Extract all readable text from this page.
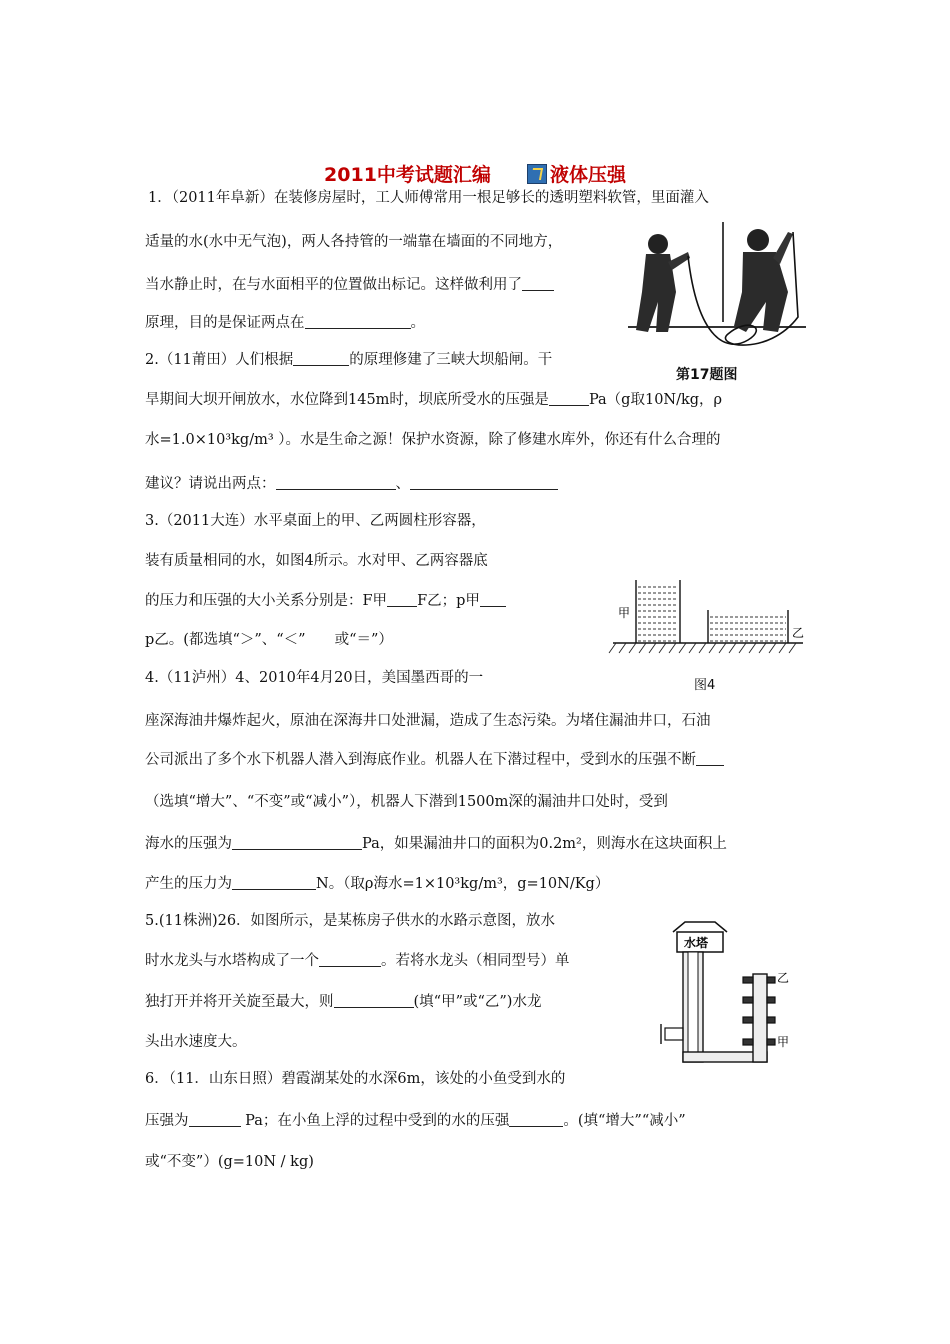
2011中考试题汇编	液体压强
1．（2011年阜新）在装修房屋时，工人师傅常用一根足够长的透明塑料软管，里面灌入
适量的水(水中无气泡)，两人各持管的一端靠在墙面的不同地方，
当水静止时，在与水面相平的位置做出标记。这样做利用了
原理，目的是保证两点在	。
2.（11莆田）人们根据	的原理修建了三峡大坝船闸。干
旱期间大坝开闸放水，水位降到145m时，坝底所受水的压强是	Pa（g取10N/kg，ρ
水=1.0×10³kg/m³ ）。水是生命之源！保护水资源，除了修建水库外，你还有什么合理的
建议？请说出两点：	、
3.（2011大连）水平桌面上的甲、乙两圆柱形容器，
装有质量相同的水，如图4所示。水对甲、乙两容器底
的压力和压强的大小关系分别是：F甲 F乙；p甲
p乙。(都选填“＞”、“＜”　　或“＝”）
4.（11泸州）4、2010年4月20日，美国墨西哥的一
座深海油井爆炸起火，原油在深海井口处泄漏，造成了生态污染。为堵住漏油井口，石油
公司派出了多个水下机器人潜入到海底作业。机器人在下潜过程中，受到水的压强不断
（选填“增大”、“不变”或“减小”），机器人下潜到1500m深的漏油井口处时，受到
海水的压强为	Pa，如果漏油井口的面积为0.2m²，则海水在这块面积上
产生的压力为	N。（取ρ海水=1×10³kg/m³，g=10N/Kg）
5.(11株洲)26．如图所示，是某栋房子供水的水路示意图，放水
时水龙头与水塔构成了一个	。若将水龙头（相同型号）单
独打开并将开关旋至最大，则	(填“甲”或“乙”)水龙
头出水速度大。
6．（11．山东日照）碧霞湖某处的水深6m，该处的小鱼受到水的
压强为	Pa；在小鱼上浮的过程中受到的水的压强	。(填“增大”“减小”
或“不变”）(g=10N / kg)
第17题图
甲
乙
图4
水塔
乙
甲
